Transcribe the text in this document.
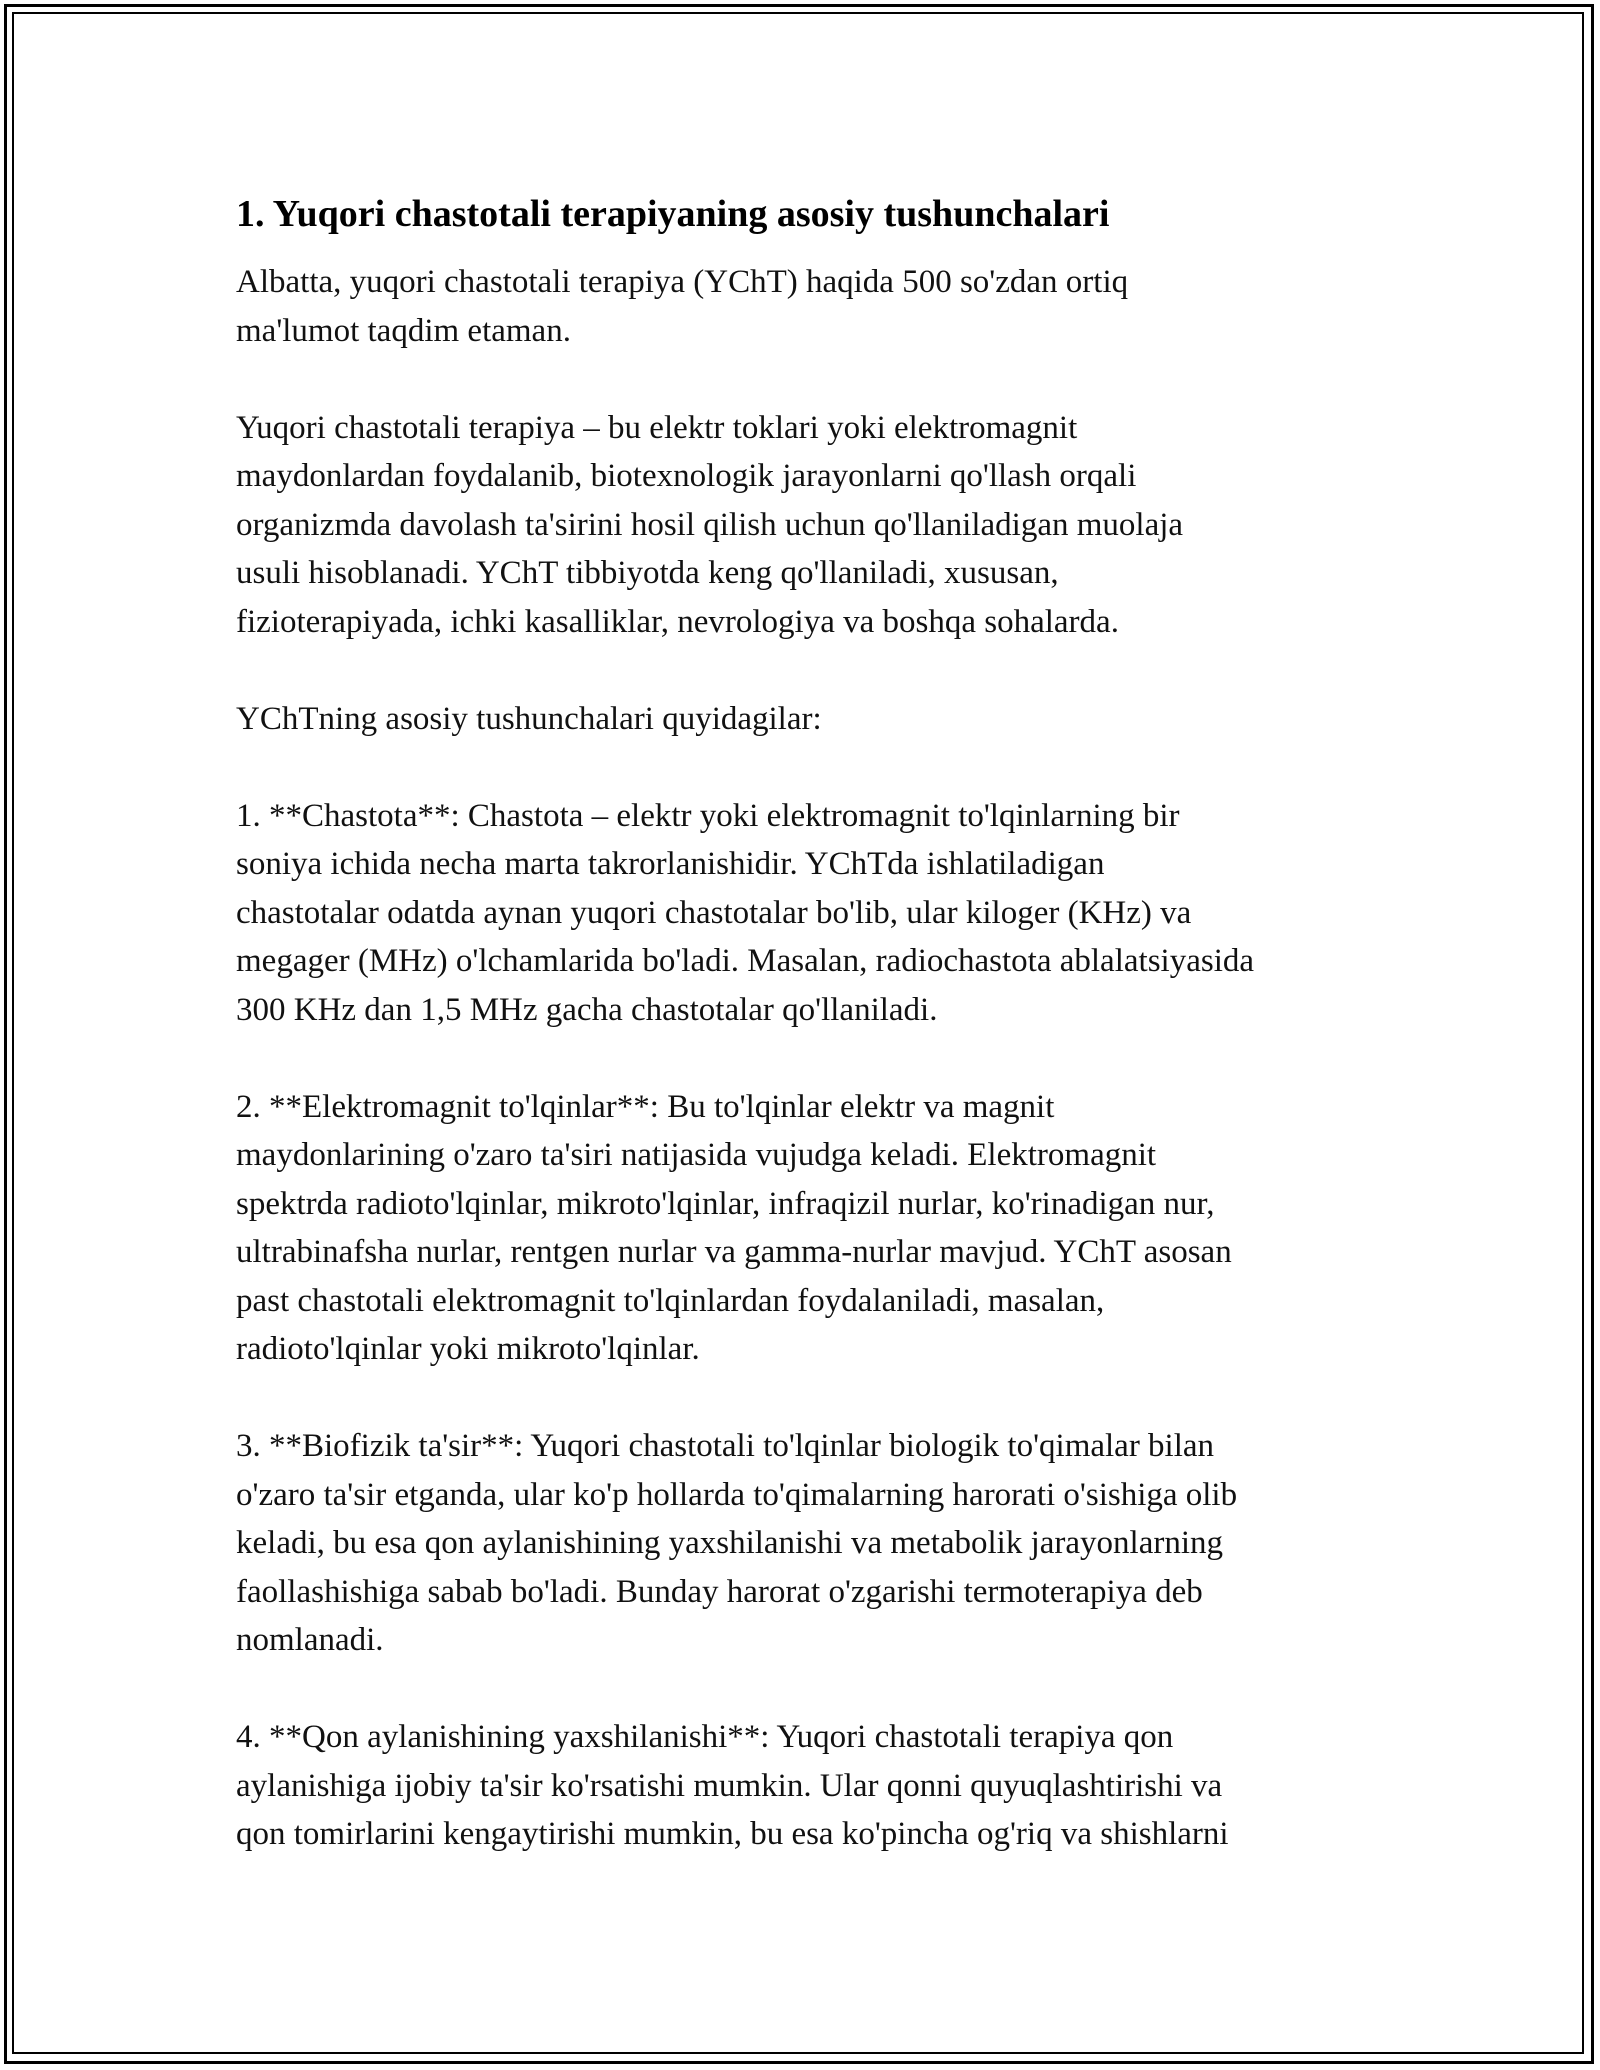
1. Yuqori chastotali terapiyaning asosiy tushunchalari

Albatta, yuqori chastotali terapiya (YChT) haqida 500 so'zdan ortiq
ma'lumot taqdim etaman.

Yuqori chastotali terapiya – bu elektr toklari yoki elektromagnit
maydonlardan foydalanib, biotexnologik jarayonlarni qo'llash orqali
organizmda davolash ta'sirini hosil qilish uchun qo'llaniladigan muolaja
usuli hisoblanadi. YChT tibbiyotda keng qo'llaniladi, xususan,
fizioterapiyada, ichki kasalliklar, nevrologiya va boshqa sohalarda.

YChTning asosiy tushunchalari quyidagilar:

1. **Chastota**: Chastota – elektr yoki elektromagnit to'lqinlarning bir
soniya ichida necha marta takrorlanishidir. YChTda ishlatiladigan
chastotalar odatda aynan yuqori chastotalar bo'lib, ular kiloger (KHz) va
megager (MHz) o'lchamlarida bo'ladi. Masalan, radiochastota ablalatsiyasida
300 KHz dan 1,5 MHz gacha chastotalar qo'llaniladi.

2. **Elektromagnit to'lqinlar**: Bu to'lqinlar elektr va magnit
maydonlarining o'zaro ta'siri natijasida vujudga keladi. Elektromagnit
spektrda radioto'lqinlar, mikroto'lqinlar, infraqizil nurlar, ko'rinadigan nur,
ultrabinafsha nurlar, rentgen nurlar va gamma-nurlar mavjud. YChT asosan
past chastotali elektromagnit to'lqinlardan foydalaniladi, masalan,
radioto'lqinlar yoki mikroto'lqinlar.

3. **Biofizik ta'sir**: Yuqori chastotali to'lqinlar biologik to'qimalar bilan
o'zaro ta'sir etganda, ular ko'p hollarda to'qimalarning harorati o'sishiga olib
keladi, bu esa qon aylanishining yaxshilanishi va metabolik jarayonlarning
faollashishiga sabab bo'ladi. Bunday harorat o'zgarishi termoterapiya deb
nomlanadi.

4. **Qon aylanishining yaxshilanishi**: Yuqori chastotali terapiya qon
aylanishiga ijobiy ta'sir ko'rsatishi mumkin. Ular qonni quyuqlashtirishi va
qon tomirlarini kengaytirishi mumkin, bu esa ko'pincha og'riq va shishlarni
